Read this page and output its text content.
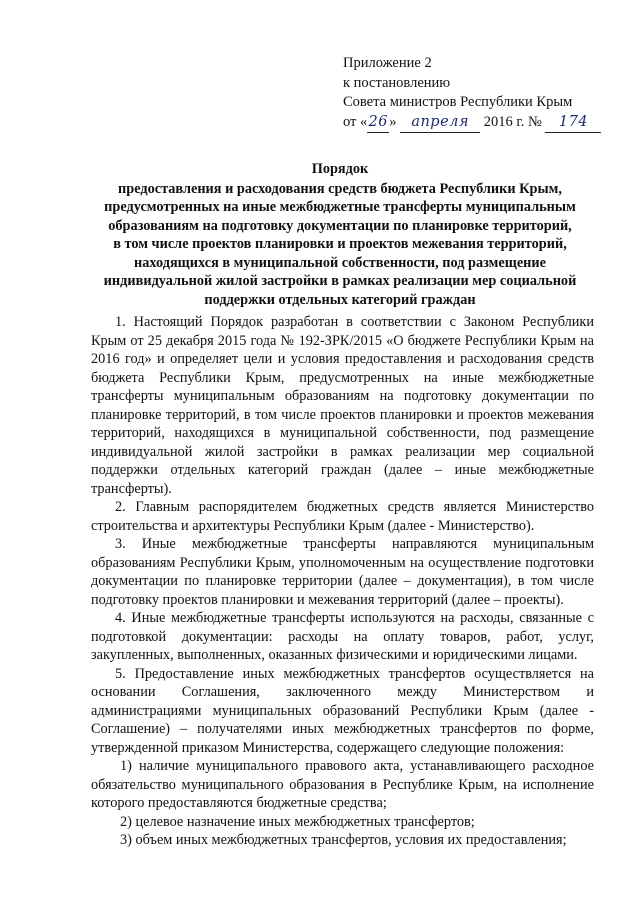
Приложение 2
к постановлению
Совета министров Республики Крым
от «26» апреля 2016 г. № 174
Порядок
предоставления и расходования средств бюджета Республики Крым,
предусмотренных на иные межбюджетные трансферты муниципальным
образованиям на подготовку документации по планировке территорий,
в том числе проектов планировки и проектов межевания территорий,
находящихся в муниципальной собственности, под размещение
индивидуальной жилой застройки в рамках реализации мер социальной
поддержки отдельных категорий граждан

1. Настоящий Порядок разработан в соответствии с Законом Республики Крым от 25 декабря 2015 года № 192-ЗРК/2015 «О бюджете Республики Крым на 2016 год» и определяет цели и условия предоставления и расходования средств бюджета Республики Крым, предусмотренных на иные межбюджетные трансферты муниципальным образованиям на подготовку документации по планировке территорий, в том числе проектов планировки и проектов межевания территорий, находящихся в муниципальной собственности, под размещение индивидуальной жилой застройки в рамках реализации мер социальной поддержки отдельных категорий граждан (далее – иные межбюджетные трансферты).

2. Главным распорядителем бюджетных средств является Министерство строительства и архитектуры Республики Крым (далее - Министерство).

3. Иные межбюджетные трансферты направляются муниципальным образованиям Республики Крым, уполномоченным на осуществление подготовки документации по планировке территории (далее – документация), в том числе подготовку проектов планировки и межевания территорий (далее – проекты).

4. Иные межбюджетные трансферты используются на расходы, связанные с подготовкой документации: расходы на оплату товаров, работ, услуг, закупленных, выполненных, оказанных физическими и юридическими лицами.

5. Предоставление иных межбюджетных трансфертов осуществляется на основании Соглашения, заключенного между Министерством и администрациями муниципальных образований Республики Крым (далее - Соглашение) – получателями иных межбюджетных трансфертов по форме, утвержденной приказом Министерства, содержащего следующие положения:

1) наличие муниципального правового акта, устанавливающего расходное обязательство муниципального образования в Республике Крым, на исполнение которого предоставляются бюджетные средства;

2) целевое назначение иных межбюджетных трансфертов;

3) объем иных межбюджетных трансфертов, условия их предоставления;
